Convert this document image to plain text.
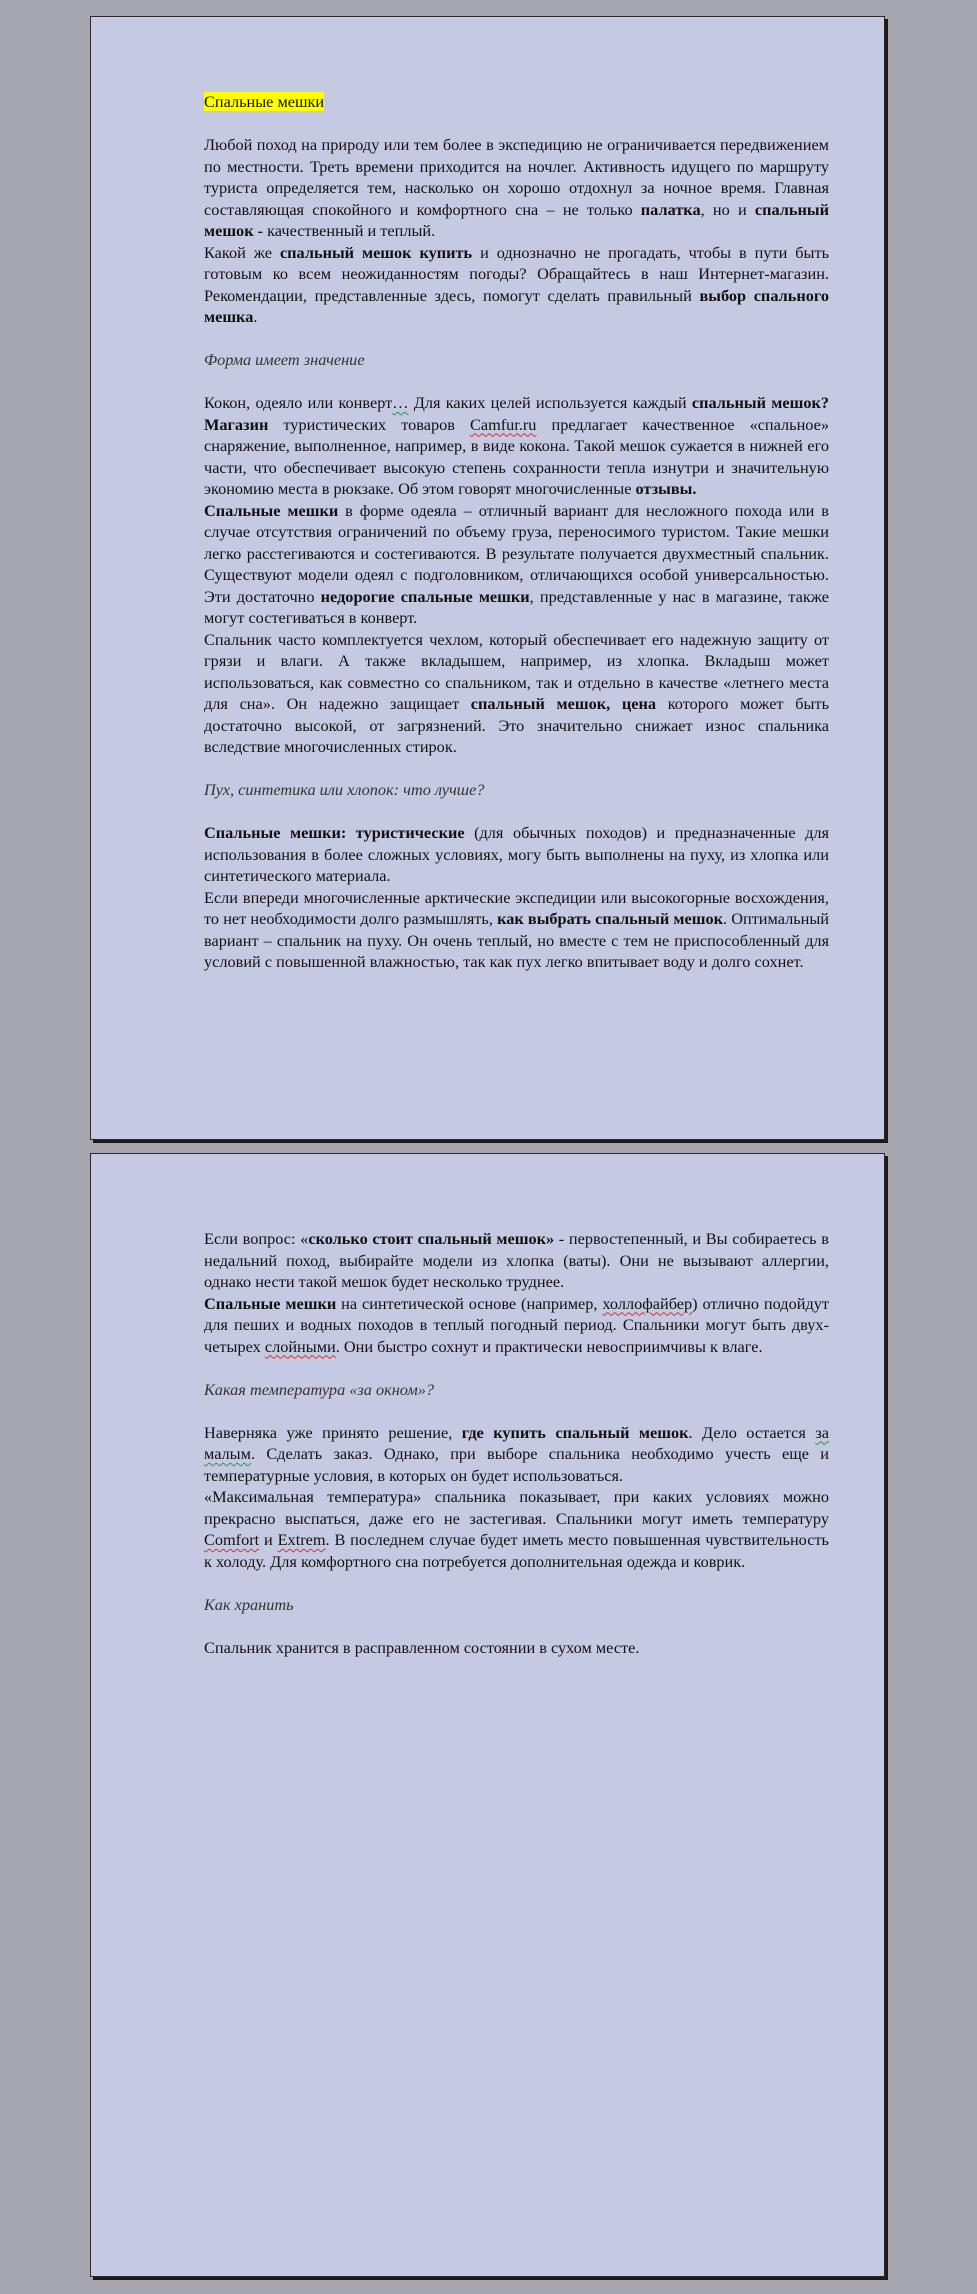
Спальные мешки

Любой поход на природу или тем более в экспедицию не ограничивается передвижением по местности. Треть времени приходится на ночлег. Активность идущего по маршруту туриста определяется тем, насколько он хорошо отдохнул за ночное время. Главная составляющая спокойного и комфортного сна – не только палатка, но и спальный мешок - качественный и теплый.

Какой же спальный мешок купить и однозначно не прогадать, чтобы в пути быть готовым ко всем неожиданностям погоды? Обращайтесь в наш Интернет-магазин. Рекомендации, представленные здесь, помогут сделать правильный выбор спального мешка.

Форма имеет значение

Кокон, одеяло или конверт… Для каких целей используется каждый спальный мешок? Магазин туристических товаров Camfur.ru предлагает качественное «спальное» снаряжение, выполненное, например, в виде кокона. Такой мешок сужается в нижней его части, что обеспечивает высокую степень сохранности тепла изнутри и значительную экономию места в рюкзаке. Об этом говорят многочисленные отзывы.

Спальные мешки в форме одеяла – отличный вариант для несложного похода или в случае отсутствия ограничений по объему груза, переносимого туристом. Такие мешки легко расстегиваются и состегиваются. В результате получается двухместный спальник. Существуют модели одеял с подголовником, отличающихся особой универсальностью. Эти достаточно недорогие спальные мешки, представленные у нас в магазине, также могут состегиваться в конверт.

Спальник часто комплектуется чехлом, который обеспечивает его надежную защиту от грязи и влаги. А также вкладышем, например, из хлопка. Вкладыш может использоваться, как совместно со спальником, так и отдельно в качестве «летнего места для сна». Он надежно защищает спальный мешок, цена которого может быть достаточно высокой, от загрязнений. Это значительно снижает износ спальника вследствие многочисленных стирок.

Пух, синтетика или хлопок: что лучше?

Спальные мешки: туристические (для обычных походов) и предназначенные для использования в более сложных условиях, могу быть выполнены на пуху, из хлопка или синтетического материала.

Если впереди многочисленные арктические экспедиции или высокогорные восхождения, то нет необходимости долго размышлять, как выбрать спальный мешок. Оптимальный вариант – спальник на пуху. Он очень теплый, но вместе с тем не приспособленный для условий с повышенной влажностью, так как пух легко впитывает воду и долго сохнет.

Если вопрос: «сколько стоит спальный мешок» - первостепенный, и Вы собираетесь в недальний поход, выбирайте модели из хлопка (ваты). Они не вызывают аллергии, однако нести такой мешок будет несколько труднее.

Спальные мешки на синтетической основе (например, холлофайбер) отлично подойдут для пеших и водных походов в теплый погодный период. Спальники могут быть двух-четырех слойными. Они быстро сохнут и практически невосприимчивы к влаге.

Какая температура «за окном»?

Наверняка уже принято решение, где купить спальный мешок. Дело остается за малым. Сделать заказ. Однако, при выборе спальника необходимо учесть еще и температурные условия, в которых он будет использоваться.

«Максимальная температура» спальника показывает, при каких условиях можно прекрасно выспаться, даже его не застегивая. Спальники могут иметь температуру Comfort и Extrem. В последнем случае будет иметь место повышенная чувствительность к холоду. Для комфортного сна потребуется дополнительная одежда и коврик.

Как хранить

Спальник хранится в расправленном состоянии в сухом месте.
